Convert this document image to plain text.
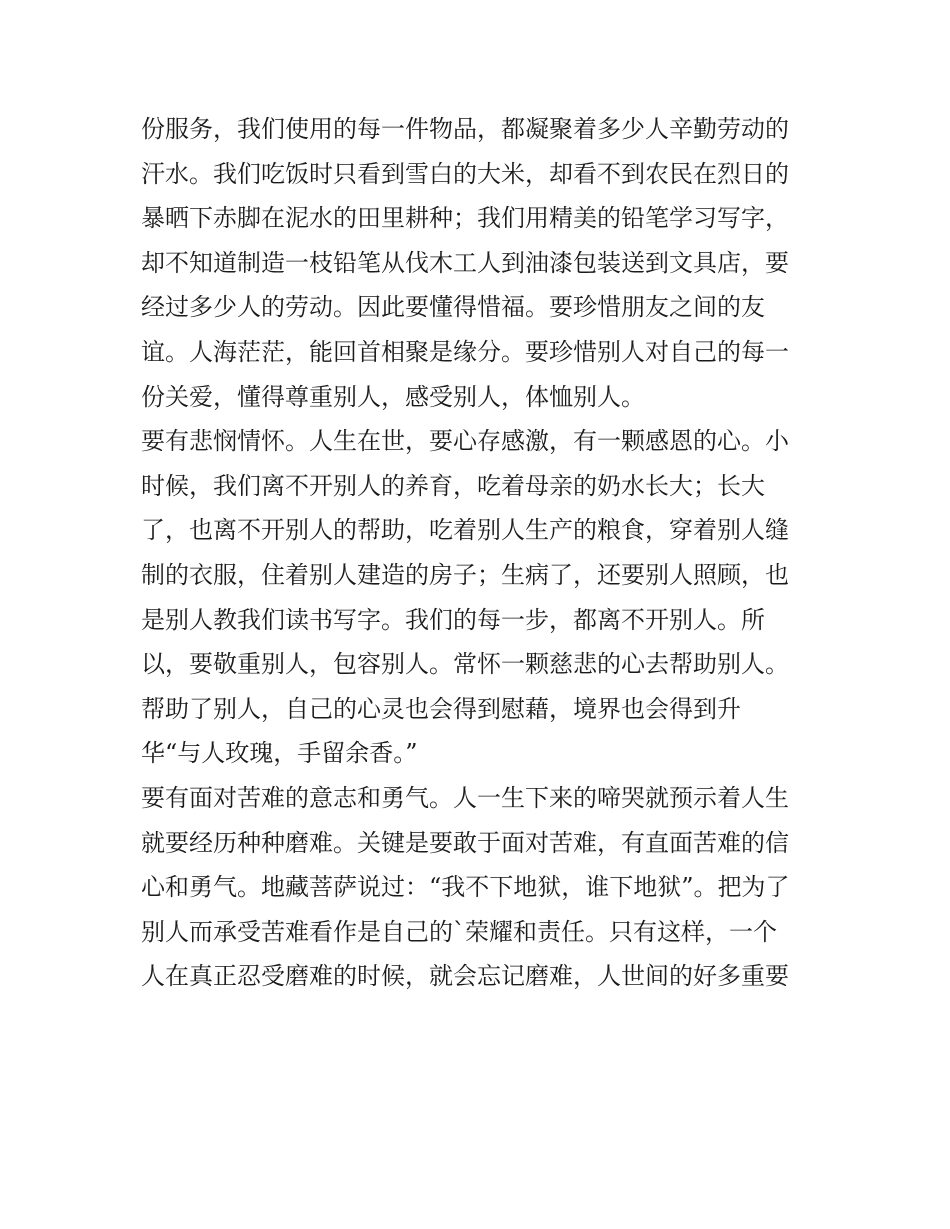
份服务，我们使用的每一件物品，都凝聚着多少人辛勤劳动的
汗水。我们吃饭时只看到雪白的大米，却看不到农民在烈日的
暴晒下赤脚在泥水的田里耕种；我们用精美的铅笔学习写字，
却不知道制造一枝铅笔从伐木工人到油漆包装送到文具店，要
经过多少人的劳动。因此要懂得惜福。要珍惜朋友之间的友
谊。人海茫茫，能回首相聚是缘分。要珍惜别人对自己的每一
份关爱，懂得尊重别人，感受别人，体恤别人。
要有悲悯情怀。人生在世，要心存感激，有一颗感恩的心。小
时候，我们离不开别人的养育，吃着母亲的奶水长大；长大
了，也离不开别人的帮助，吃着别人生产的粮食，穿着别人缝
制的衣服，住着别人建造的房子；生病了，还要别人照顾，也
是别人教我们读书写字。我们的每一步，都离不开别人。所
以，要敬重别人，包容别人。常怀一颗慈悲的心去帮助别人。
帮助了别人，自己的心灵也会得到慰藉，境界也会得到升
华“与人玫瑰，手留余香。”
要有面对苦难的意志和勇气。人一生下来的啼哭就预示着人生
就要经历种种磨难。关键是要敢于面对苦难，有直面苦难的信
心和勇气。地藏菩萨说过：“我不下地狱，谁下地狱”。把为了
别人而承受苦难看作是自己的`荣耀和责任。只有这样，一个
人在真正忍受磨难的时候，就会忘记磨难，人世间的好多重要
